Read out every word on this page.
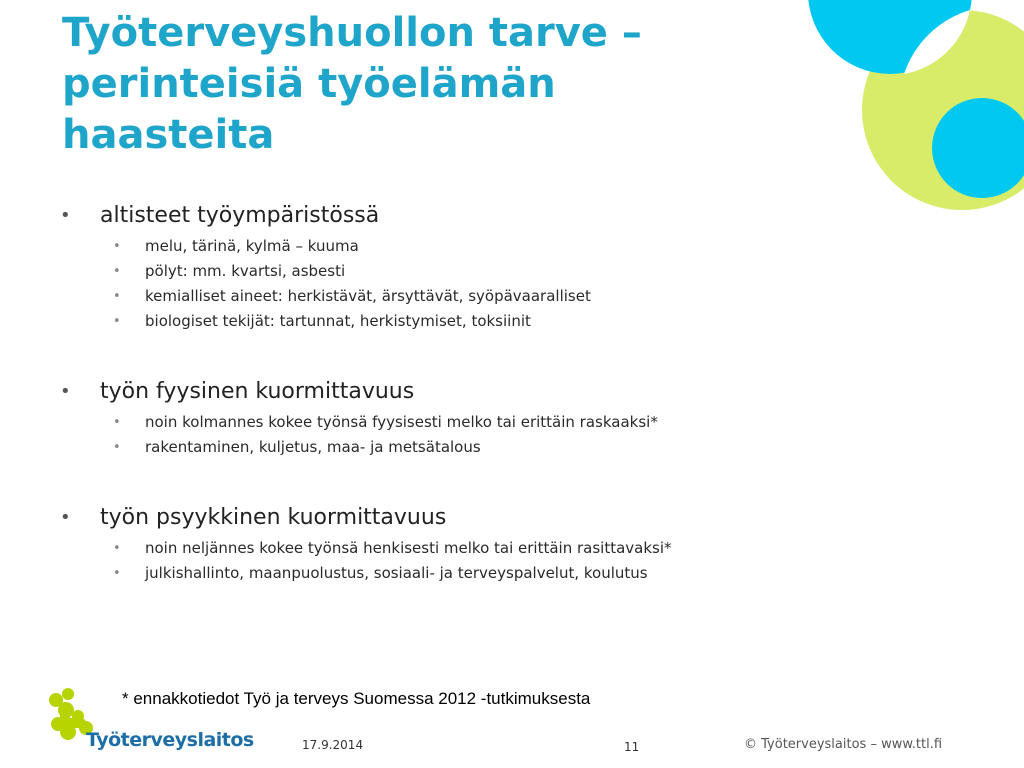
Työterveyshuollon tarve –
perinteisiä työelämän
haasteita
• altisteet työympäristössä
• melu, tärinä, kylmä – kuuma
• pölyt: mm. kvartsi, asbesti
• kemialliset aineet: herkistävät, ärsyttävät, syöpävaaralliset
• biologiset tekijät: tartunnat, herkistymiset, toksiinit
• työn fyysinen kuormittavuus
• noin kolmannes kokee työnsä fyysisesti melko tai erittäin raskaaksi*
• rakentaminen, kuljetus, maa- ja metsätalous
• työn psyykkinen kuormittavuus
• noin neljännes kokee työnsä henkisesti melko tai erittäin rasittavaksi*
• julkishallinto, maanpuolustus, sosiaali- ja terveyspalvelut, koulutus
* ennakkotiedot Työ ja terveys Suomessa 2012 -tutkimuksesta
Työterveyslaitos	17.9.2014	11	© Työterveyslaitos – www.ttl.fi
